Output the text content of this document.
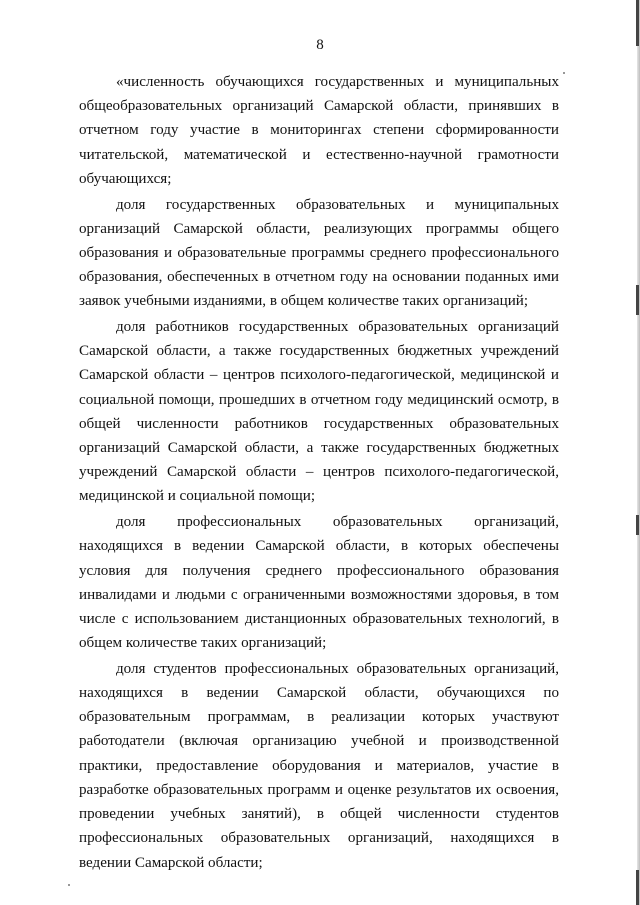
8

«численность обучающихся государственных и муниципальных общеобразовательных организаций Самарской области, принявших в отчетном году участие в мониторингах степени сформированности читательской, математической и естественно-научной грамотности обучающихся;

доля государственных образовательных и муниципальных организаций Самарской области, реализующих программы общего образования и образовательные программы среднего профессионального образования, обеспеченных в отчетном году на основании поданных ими заявок учебными изданиями, в общем количестве таких организаций;

доля работников государственных образовательных организаций Самарской области, а также государственных бюджетных учреждений Самарской области – центров психолого-педагогической, медицинской и социальной помощи, прошедших в отчетном году медицинский осмотр, в общей численности работников государственных образовательных организаций Самарской области, а также государственных бюджетных учреждений Самарской области – центров психолого-педагогической, медицинской и социальной помощи;

доля профессиональных образовательных организаций, находящихся в ведении Самарской области, в которых обеспечены условия для получения среднего профессионального образования инвалидами и людьми с ограниченными возможностями здоровья, в том числе с использованием дистанционных образовательных технологий, в общем количестве таких организаций;

доля студентов профессиональных образовательных организаций, находящихся в ведении Самарской области, обучающихся по образовательным программам, в реализации которых участвуют работодатели (включая организацию учебной и производственной практики, предоставление оборудования и материалов, участие в разработке образовательных программ и оценке результатов их освоения, проведении учебных занятий), в общей численности студентов профессиональных образовательных организаций, находящихся в ведении Самарской области;
